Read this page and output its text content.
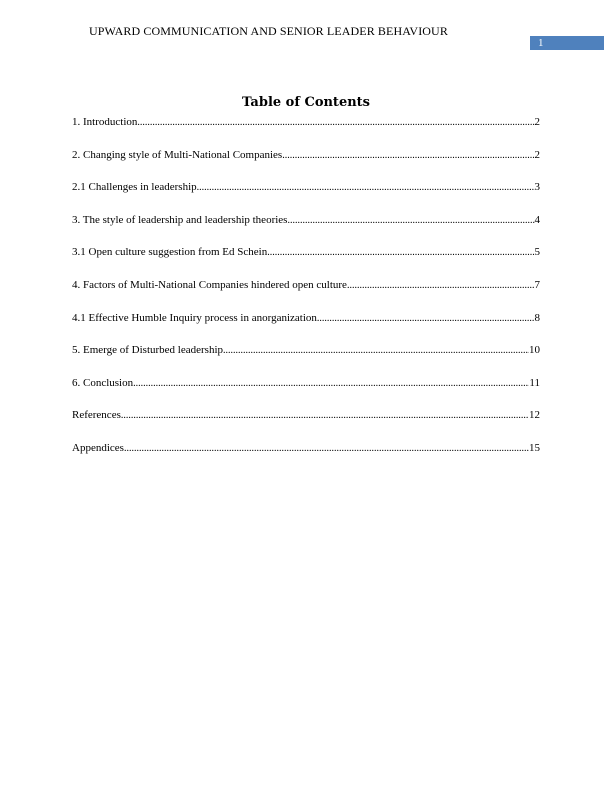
UPWARD COMMUNICATION AND SENIOR LEADER BEHAVIOUR
1
Table of Contents
1. Introduction .....	2
2. Changing style of Multi-National Companies .....	2
2.1 Challenges in leadership .....	3
3. The style of leadership and leadership theories .....	4
3.1 Open culture suggestion from Ed Schein .....	5
4. Factors of Multi-National Companies hindered open culture .....	7
4.1 Effective Humble Inquiry process in anorganization .....	8
5. Emerge of Disturbed leadership .....	10
6. Conclusion .....	11
References .....	12
Appendices .....	15
